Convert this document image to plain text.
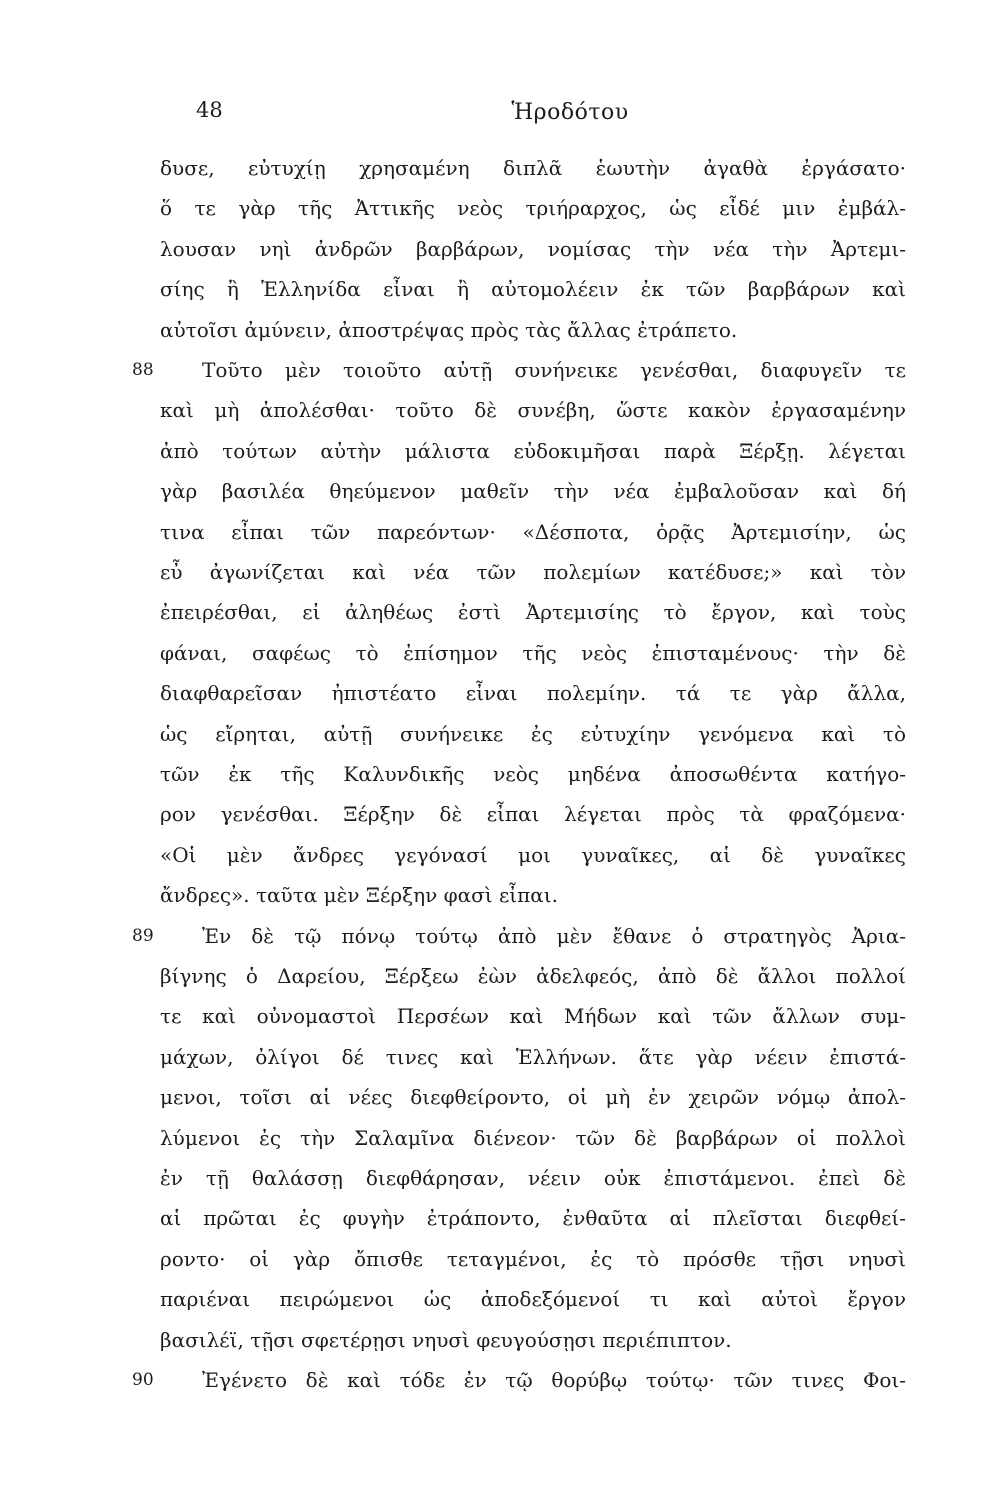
48	Ἡροδότου
δυσε, εὐτυχίῃ χρησαμένη διπλᾶ ἑωυτὴν ἀγαθὰ ἐργάσατο·
ὅ τε γὰρ τῆς Ἀττικῆς νεὸς τριήραρχος, ὡς εἶδέ μιν ἐμβάλ-
λουσαν νηὶ ἀνδρῶν βαρβάρων, νομίσας τὴν νέα τὴν Ἀρτεμι-
σίης ἢ Ἑλληνίδα εἶναι ἢ αὐτομολέειν ἐκ τῶν βαρβάρων καὶ
αὐτοῖσι ἀμύνειν, ἀποστρέψας πρὸς τὰς ἄλλας ἐτράπετο.
Τοῦτο μὲν τοιοῦτο αὐτῇ συνήνεικε γενέσθαι, διαφυγεῖν τε
88
καὶ μὴ ἀπολέσθαι· τοῦτο δὲ συνέβη, ὥστε κακὸν ἐργασαμένην
ἀπὸ τούτων αὐτὴν μάλιστα εὐδοκιμῆσαι παρὰ Ξέρξῃ. λέγεται
γὰρ βασιλέα θηεύμενον μαθεῖν τὴν νέα ἐμβαλοῦσαν καὶ δή
τινα εἶπαι τῶν παρεόντων· «Δέσποτα, ὁρᾷς Ἀρτεμισίην, ὡς
εὖ ἀγωνίζεται καὶ νέα τῶν πολεμίων κατέδυσε;» καὶ τὸν
ἐπειρέσθαι, εἰ ἀληθέως ἐστὶ Ἀρτεμισίης τὸ ἔργον, καὶ τοὺς
φάναι, σαφέως τὸ ἐπίσημον τῆς νεὸς ἐπισταμένους· τὴν δὲ
διαφθαρεῖσαν ἠπιστέατο εἶναι πολεμίην. τά τε γὰρ ἄλλα,
ὡς εἴρηται, αὐτῇ συνήνεικε ἐς εὐτυχίην γενόμενα καὶ τὸ
τῶν ἐκ τῆς Καλυνδικῆς νεὸς μηδένα ἀποσωθέντα κατήγο-
ρον γενέσθαι. Ξέρξην δὲ εἶπαι λέγεται πρὸς τὰ φραζόμενα·
«Οἱ μὲν ἄνδρες γεγόνασί μοι γυναῖκες, αἱ δὲ γυναῖκες
ἄνδρες». ταῦτα μὲν Ξέρξην φασὶ εἶπαι.
Ἐν δὲ τῷ πόνῳ τούτῳ ἀπὸ μὲν ἔθανε ὁ στρατηγὸς Ἀρια-
89
βίγνης ὁ Δαρείου, Ξέρξεω ἐὼν ἀδελφεός, ἀπὸ δὲ ἄλλοι πολλοί
τε καὶ οὐνομαστοὶ Περσέων καὶ Μήδων καὶ τῶν ἄλλων συμ-
μάχων, ὀλίγοι δέ τινες καὶ Ἑλλήνων. ἅτε γὰρ νέειν ἐπιστά-
μενοι, τοῖσι αἱ νέες διεφθείροντο, οἱ μὴ ἐν χειρῶν νόμῳ ἀπολ-
λύμενοι ἐς τὴν Σαλαμῖνα διένεον· τῶν δὲ βαρβάρων οἱ πολλοὶ
ἐν τῇ θαλάσσῃ διεφθάρησαν, νέειν οὐκ ἐπιστάμενοι. ἐπεὶ δὲ
αἱ πρῶται ἐς φυγὴν ἐτράποντο, ἐνθαῦτα αἱ πλεῖσται διεφθεί-
ροντο· οἱ γὰρ ὄπισθε τεταγμένοι, ἐς τὸ πρόσθε τῇσι νηυσὶ
παριέναι πειρώμενοι ὡς ἀποδεξόμενοί τι καὶ αὐτοὶ ἔργον
βασιλέϊ, τῇσι σφετέρῃσι νηυσὶ φευγούσῃσι περιέπιπτον.
Ἐγένετο δὲ καὶ τόδε ἐν τῷ θορύβῳ τούτῳ· τῶν τινες Φοι-
90
